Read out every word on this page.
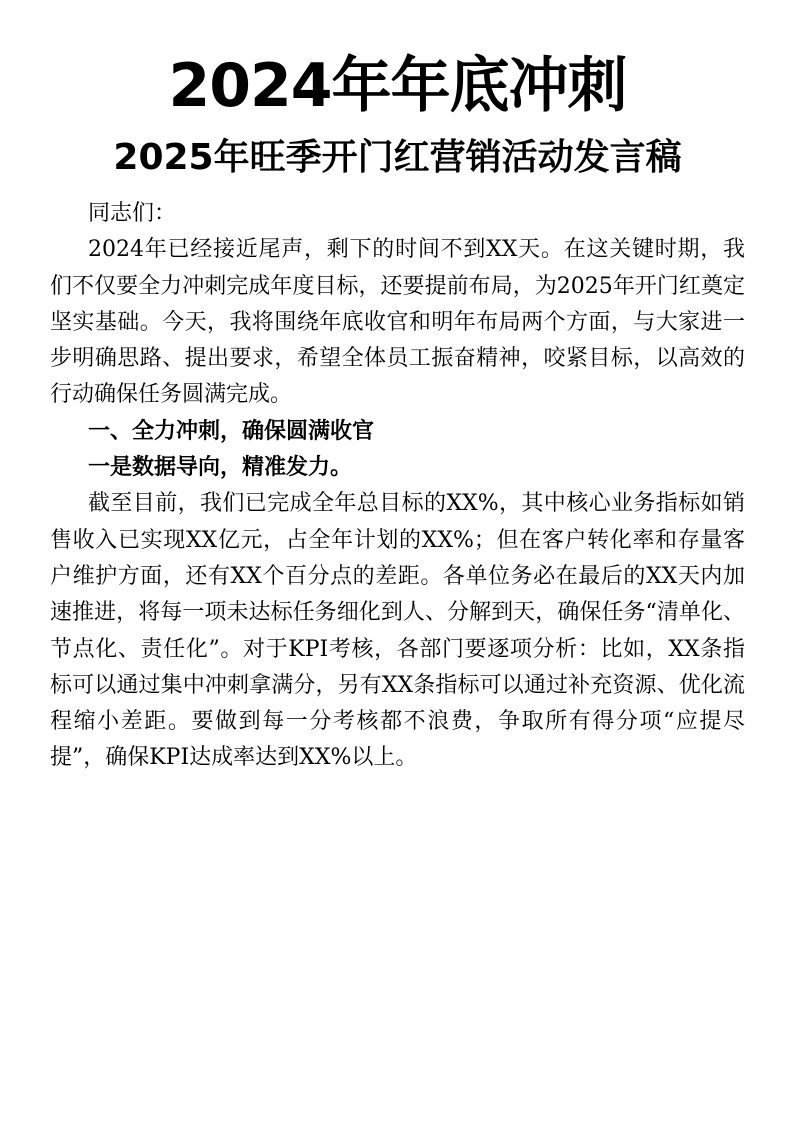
2024年年底冲刺
2025年旺季开门红营销活动发言稿

同志们：

2024年已经接近尾声，剩下的时间不到XX天。在这关键时期，我们不仅要全力冲刺完成年度目标，还要提前布局，为2025年开门红奠定坚实基础。今天，我将围绕年底收官和明年布局两个方面，与大家进一步明确思路、提出要求，希望全体员工振奋精神，咬紧目标，以高效的行动确保任务圆满完成。

一、全力冲刺，确保圆满收官

一是数据导向，精准发力。

截至目前，我们已完成全年总目标的XX%，其中核心业务指标如销售收入已实现XX亿元，占全年计划的XX%；但在客户转化率和存量客户维护方面，还有XX个百分点的差距。各单位务必在最后的XX天内加速推进，将每一项未达标任务细化到人、分解到天，确保任务“清单化、节点化、责任化”。对于KPI考核，各部门要逐项分析：比如，XX条指标可以通过集中冲刺拿满分，另有XX条指标可以通过补充资源、优化流程缩小差距。要做到每一分考核都不浪费，争取所有得分项“应提尽提”，确保KPI达成率达到XX%以上。
